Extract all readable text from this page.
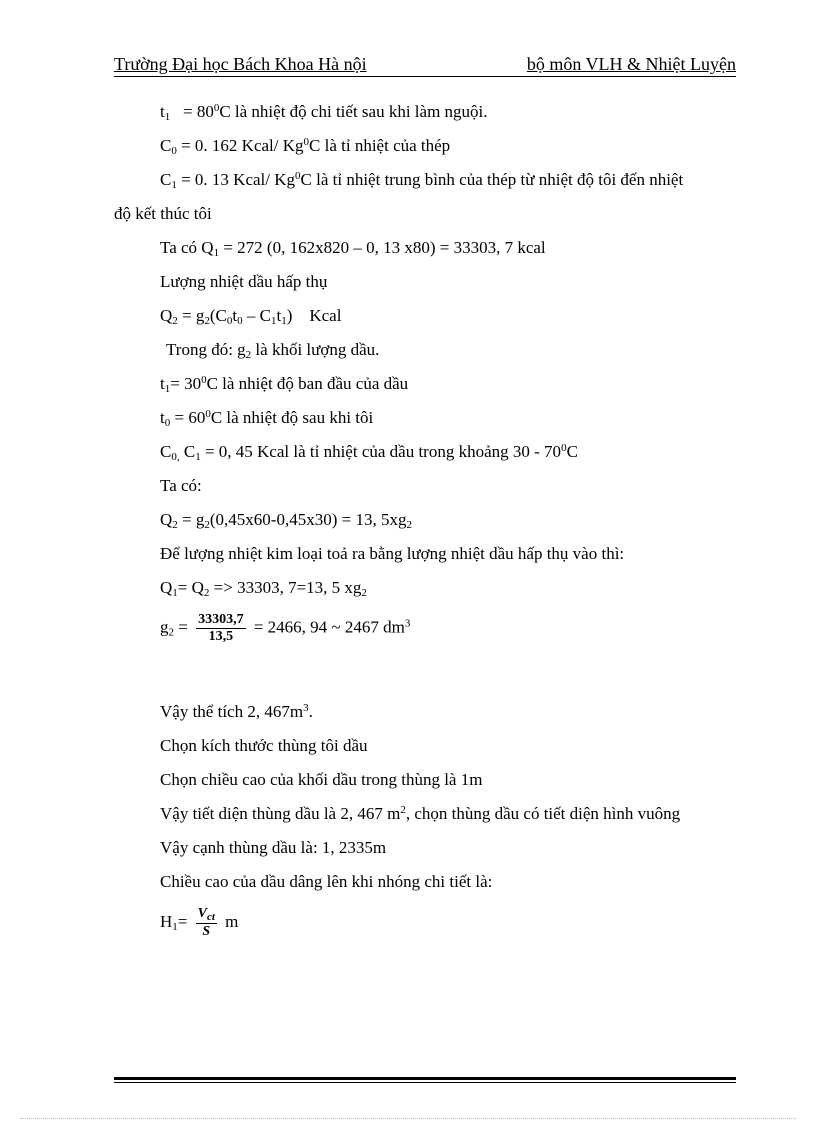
Trường Đại học Bách Khoa Hà nội	bộ môn VLH & Nhiệt Luyện
$t_1 = 80^0C$ là nhiệt độ chi tiết sau khi làm nguội.
$C_0 = 0$. 162 Kcal/ Kg$^0$C là tỉ nhiệt của thép
$C_1 = 0$. 13 Kcal/ Kg$^0$C là tỉ nhiệt trung bình của thép từ nhiệt độ tôi đến nhiệt
độ kết thúc tôi
Ta có $Q_1 = 272$ (0, 162x820 – 0, 13 x80) = 33303, 7 kcal
Lượng nhiệt dầu hấp thụ
$Q_2 = g_2(C_0t_0 - C_1t_1)$    Kcal
Trong đó: $g_2$ là khối lượng dầu.
$t_1= 30^0C$ là nhiệt độ ban đầu của dầu
$t_0 = 60^0C$ là nhiệt độ sau khi tôi
$C_{0,}$ $C_1 = 0$, 45 Kcal là tỉ nhiệt của dầu trong khoảng $30 - 70^0C$
Ta có:
$Q_2 = g_2(0,45x60-0,45x30) = 13$, $5xg_2$
Để lượng nhiệt kim loại toả ra bằng lượng nhiệt dầu hấp thụ vào thì:
$Q_1= Q_2 => 33303$, 7=13, 5 $xg_2$
$g_2 = \frac{33303,7}{13,5} = 2466$, 94 ~ 2467 $dm^3$
Vậy thể tích 2, $467m^3$.
Chọn kích thước thùng tôi dầu
Chọn chiều cao của khối dầu trong thùng là 1m
Vậy tiết diện thùng dầu là 2, 467 $m^2$, chọn thùng dầu có tiết diện hình vuông
Vậy cạnh thùng dầu là: 1, 2335m
Chiều cao của dầu dâng lên khi nhóng chi tiết là:
$H_1= \frac{V_{ct}}{S}$ m
